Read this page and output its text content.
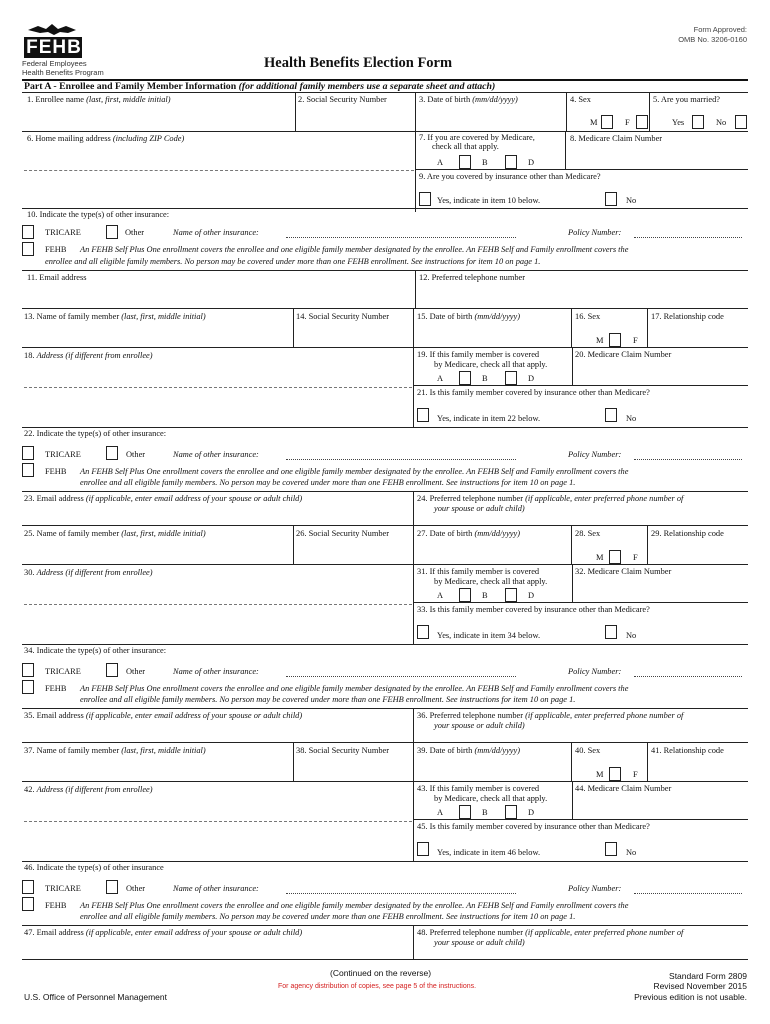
FEHB
Federal Employees
Health Benefits Program
Health Benefits Election Form
Form Approved:
OMB No. 3206-0160
Part A - Enrollee and Family Member Information (for additional family members use a separate sheet and attach)
1. Enrollee name (last, first, middle initial)	2. Social Security Number	3. Date of birth (mm/dd/yyyy)	4. Sex	5. Are you married?
M	F	Yes	No
6. Home mailing address (including ZIP Code)	7. If you are covered by Medicare,
check all that apply.
8. Medicare Claim Number
A	B	D
9. Are you covered by insurance other than Medicare?
Yes, indicate in item 10 below.	No
10. Indicate the type(s) of other insurance:
TRICARE	Other	Name of other insurance:	Policy Number:
FEHB An FEHB Self Plus One enrollment covers the enrollee and one eligible family member designated by the enrollee. An FEHB Self and Family enrollment covers the
enrollee and all eligible family members. No person may be covered under more than one FEHB enrollment. See instructions for item 10 on page 1.
11. Email address	12. Preferred telephone number
13. Name of family member (last, first, middle initial)	14. Social Security Number	15. Date of birth (mm/dd/yyyy)	16. Sex	17. Relationship code
M	F
18. Address (if different from enrollee)	19. If this family member is covered
by Medicare, check all that apply.
20. Medicare Claim Number
A	B	D
21. Is this family member covered by insurance other than Medicare?
Yes, indicate in item 22 below.	No
22. Indicate the type(s) of other insurance:
TRICARE	Other	Name of other insurance:	Policy Number:
FEHB An FEHB Self Plus One enrollment covers the enrollee and one eligible family member designated by the enrollee. An FEHB Self and Family enrollment covers the
enrollee and all eligible family members. No person may be covered under more than one FEHB enrollment. See instructions for item 10 on page 1.
23. Email address (if applicable, enter email address of your spouse or adult child)	24. Preferred telephone number (if applicable, enter preferred phone number of
your spouse or adult child)
25. Name of family member (last, first, middle initial)	26. Social Security Number	27. Date of birth (mm/dd/yyyy)	28. Sex	29. Relationship code
M	F
30. Address (if different from enrollee)	31. If this family member is covered
by Medicare, check all that apply.
32. Medicare Claim Number
A	B	D
33. Is this family member covered by insurance other than Medicare?
Yes, indicate in item 34 below.	No
34. Indicate the type(s) of other insurance:
TRICARE	Other	Name of other insurance:	Policy Number:
FEHB An FEHB Self Plus One enrollment covers the enrollee and one eligible family member designated by the enrollee. An FEHB Self and Family enrollment covers the
enrollee and all eligible family members. No person may be covered under more than one FEHB enrollment. See instructions for item 10 on page 1.
35. Email address (if applicable, enter email address of your spouse or adult child)	36. Preferred telephone number (if applicable, enter preferred phone number of
your spouse or adult child)
37. Name of family member (last, first, middle initial)	38. Social Security Number	39. Date of birth (mm/dd/yyyy)	40. Sex	41. Relationship code
M	F
42. Address (if different from enrollee)	43. If this family member is covered
by Medicare, check all that apply.
44. Medicare Claim Number
A	B	D
45. Is this family member covered by insurance other than Medicare?
Yes, indicate in item 46 below.	No
46. Indicate the type(s) of other insurance
TRICARE	Other	Name of other insurance:	Policy Number:
FEHB An FEHB Self Plus One enrollment covers the enrollee and one eligible family member designated by the enrollee. An FEHB Self and Family enrollment covers the
enrollee and all eligible family members. No person may be covered under more than one FEHB enrollment. See instructions for item 10 on page 1.
47. Email address (if applicable, enter email address of your spouse or adult child)	48. Preferred telephone number (if applicable, enter preferred phone number of
your spouse or adult child)
(Continued on the reverse)
For agency distribution of copies, see page 5 of the instructions.
U.S. Office of Personnel Management
Standard Form 2809
Revised November 2015
Previous edition is not usable.
